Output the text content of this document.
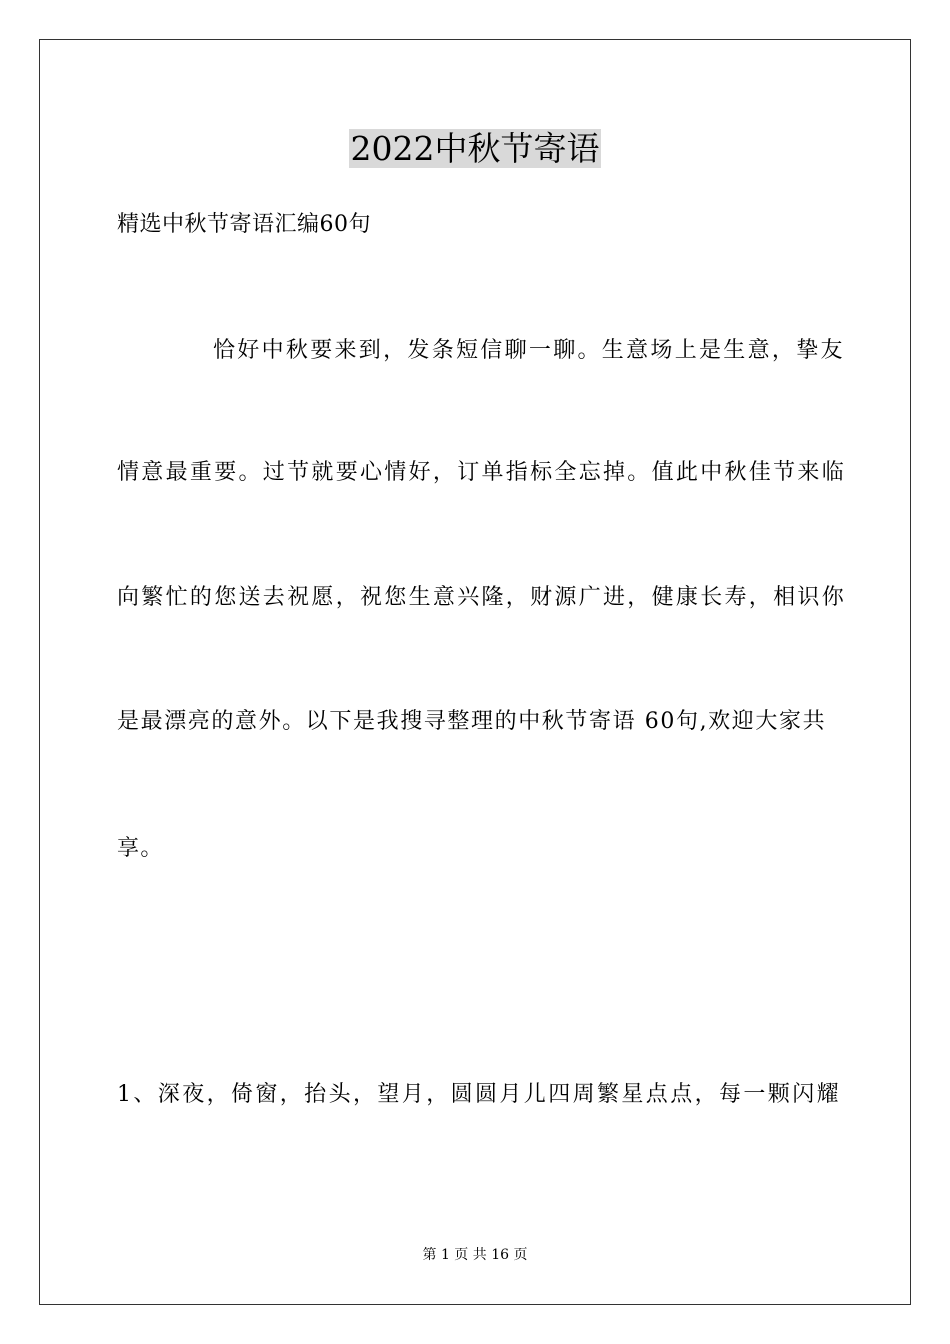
2022中秋节寄语
精选中秋节寄语汇编60句
恰好中秋要来到，发条短信聊一聊。生意场上是生意，挚友
情意最重要。过节就要心情好，订单指标全忘掉。值此中秋佳节来临
向繁忙的您送去祝愿，祝您生意兴隆，财源广进，健康长寿，相识你
是最漂亮的意外。以下是我搜寻整理的中秋节寄语 60句,欢迎大家共
享。
1、深夜，倚窗，抬头，望月，圆圆月儿四周繁星点点，每一颗闪耀
第 1 页 共 16 页
